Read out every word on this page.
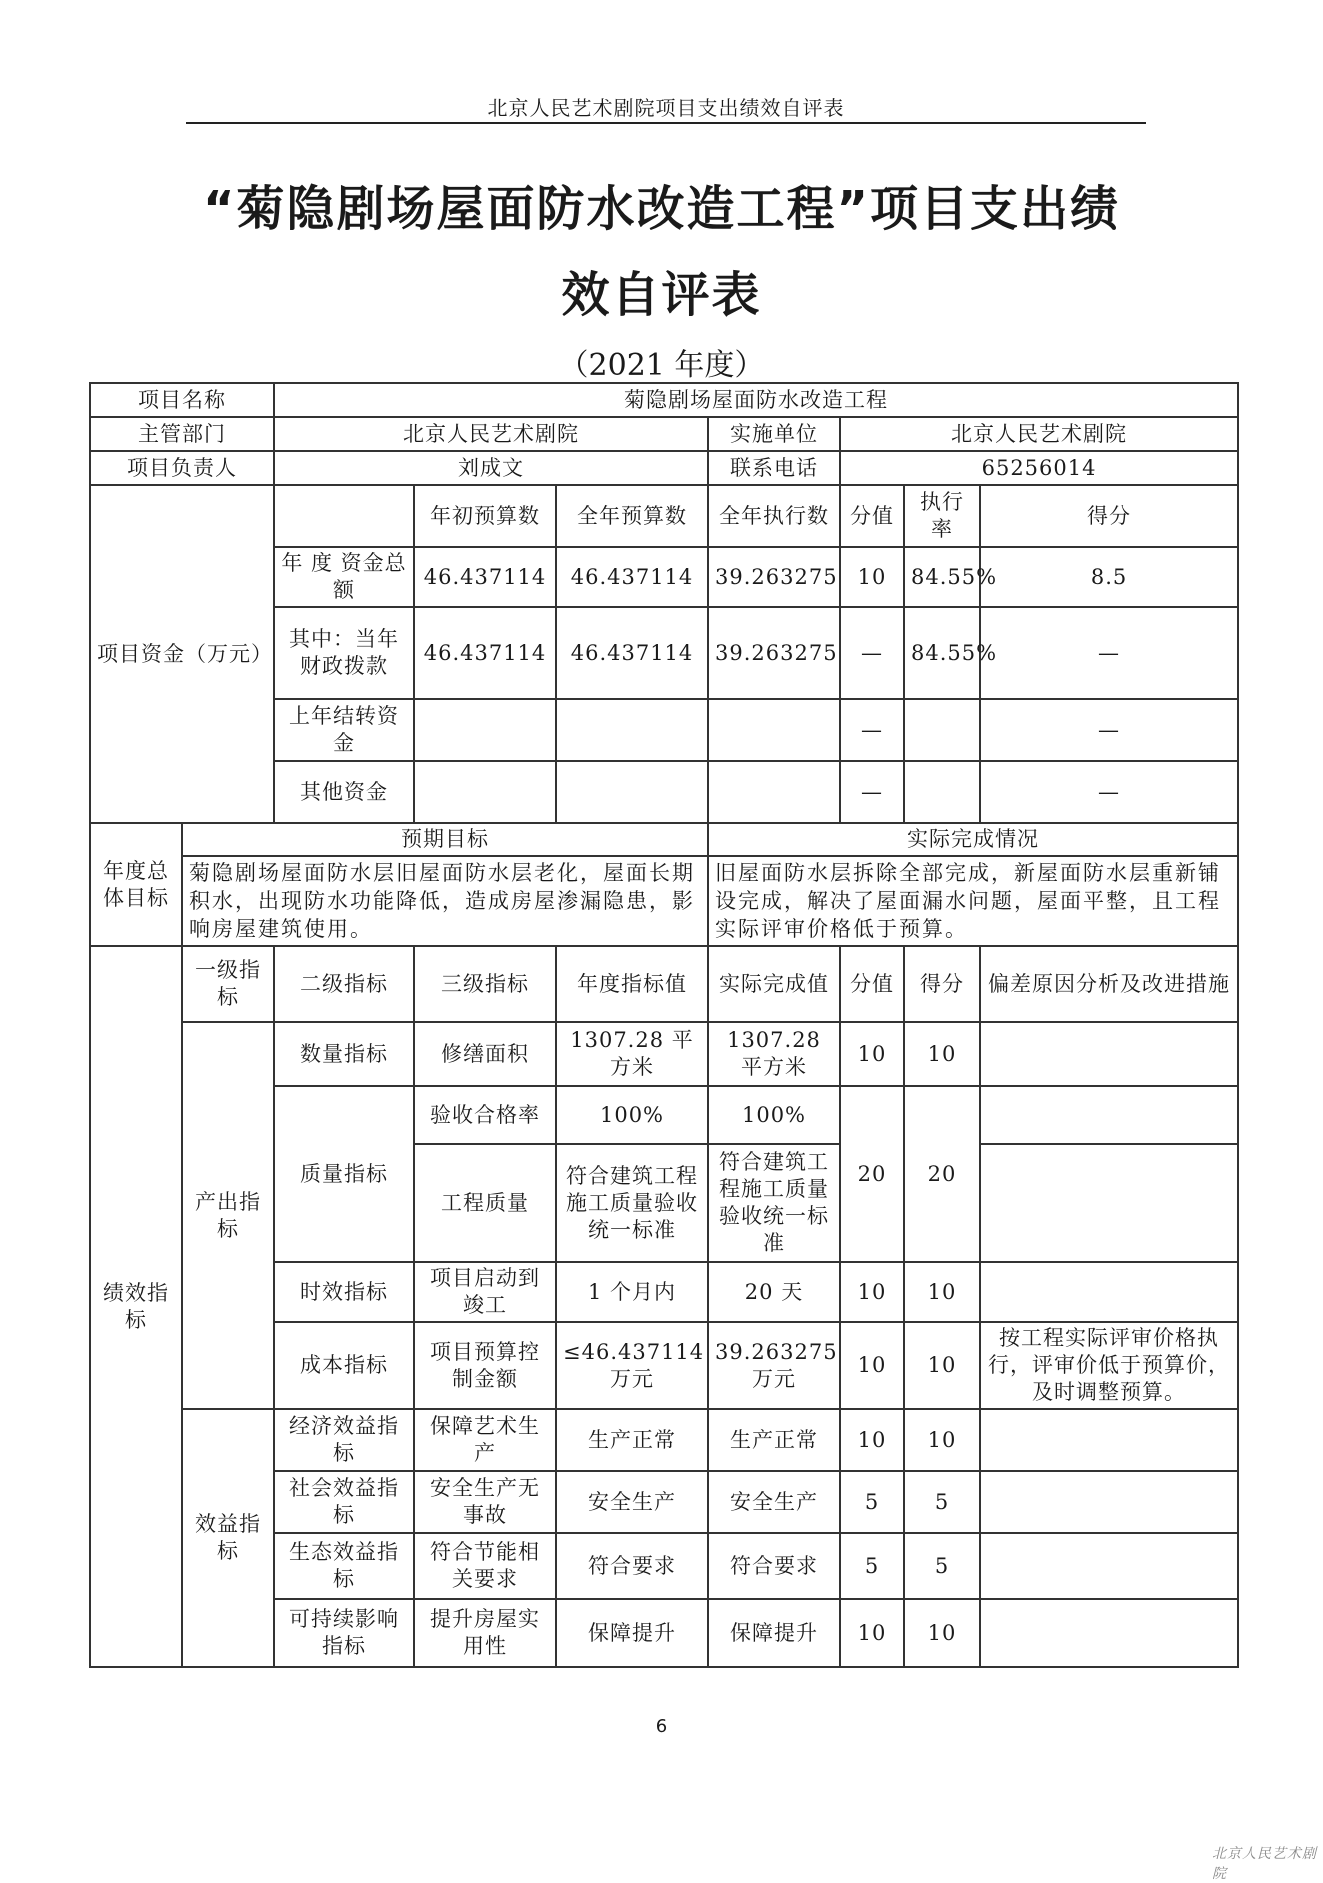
北京人民艺术剧院项目支出绩效自评表
“菊隐剧场屋面防水改造工程”项目支出绩
效自评表
（2021 年度）
项目名称		菊隐剧场屋面防水改造工程						
主管部门		北京人民艺术剧院			实施单位	北京人民艺术剧院		
项目负责人		刘成文			联系电话	65256014		
项目资金（万元）			年初预算数	全年预算数	全年执行数	分值	执行率	得分
		年 度 资金总额	46.437114	46.437114	39.263275	10	84.55%	8.5
		其中：当年财政拨款	46.437114	46.437114	39.263275	—	84.55%	—
		上年结转资金				—		—
		其他资金				—		—
年度总体目标	预期目标				实际完成情况			
	菊隐剧场屋面防水层旧屋面防水层老化，屋面长期积水，出现防水功能降低，造成房屋渗漏隐患，影响房屋建筑使用。				旧屋面防水层拆除全部完成，新屋面防水层重新铺设完成，解决了屋面漏水问题，屋面平整，且工程实际评审价格低于预算。			
绩效指标	一级指标	二级指标	三级指标	年度指标值	实际完成值	分值	得分	偏差原因分析及改进措施
	产出指标	数量指标	修缮面积	1307.28 平方米	1307.28 平方米	10	10	
		质量指标	验收合格率	100%	100%	20	20	
			工程质量	符合建筑工程施工质量验收统一标准	符合建筑工程施工质量验收统一标准			
		时效指标	项目启动到竣工	1 个月内	20 天	10	10	
		成本指标	项目预算控制金额	≤46.437114万元	39.263275万元	10	10	按工程实际评审价格执行，评审价低于预算价，及时调整预算。
	效益指标	经济效益指标	保障艺术生产	生产正常	生产正常	10	10	
		社会效益指标	安全生产无事故	安全生产	安全生产	5	5	
		生态效益指标	符合节能相关要求	符合要求	符合要求	5	5	
		可持续影响指标	提升房屋实用性	保障提升	保障提升	10	10	
6
北京人民艺术剧院
